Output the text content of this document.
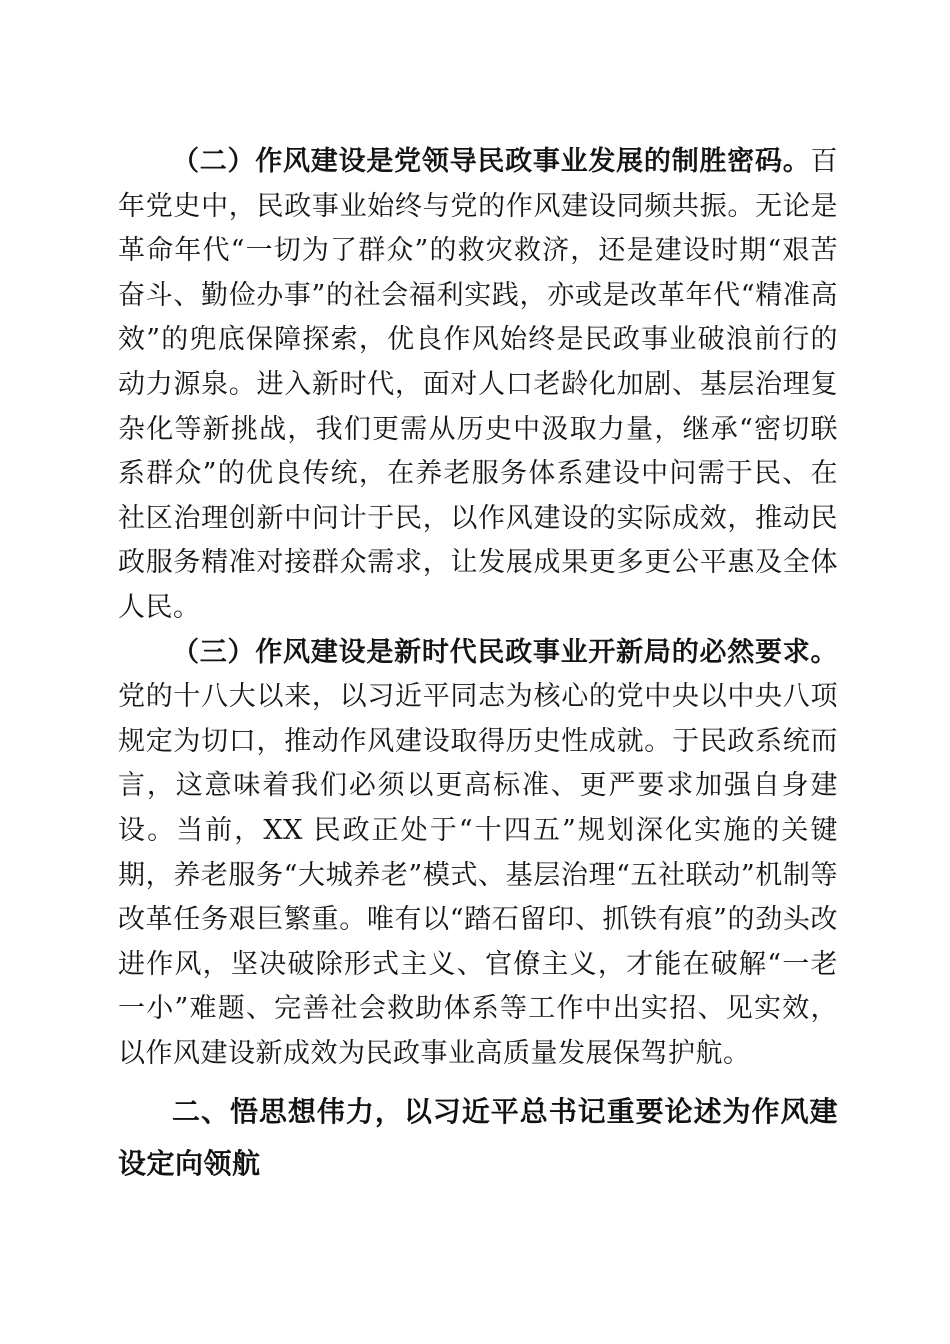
（二）作风建设是党领导民政事业发展的制胜密码。百年党史中，民政事业始终与党的作风建设同频共振。无论是革命年代“一切为了群众”的救灾救济，还是建设时期“艰苦奋斗、勤俭办事”的社会福利实践，亦或是改革年代“精准高效”的兜底保障探索，优良作风始终是民政事业破浪前行的动力源泉。进入新时代，面对人口老龄化加剧、基层治理复杂化等新挑战，我们更需从历史中汲取力量，继承“密切联系群众”的优良传统，在养老服务体系建设中问需于民、在社区治理创新中问计于民，以作风建设的实际成效，推动民政服务精准对接群众需求，让发展成果更多更公平惠及全体人民。

（三）作风建设是新时代民政事业开新局的必然要求。党的十八大以来，以习近平同志为核心的党中央以中央八项规定为切口，推动作风建设取得历史性成就。于民政系统而言，这意味着我们必须以更高标准、更严要求加强自身建设。当前，XX 民政正处于“十四五”规划深化实施的关键期，养老服务“大城养老”模式、基层治理“五社联动”机制等改革任务艰巨繁重。唯有以“踏石留印、抓铁有痕”的劲头改进作风，坚决破除形式主义、官僚主义，才能在破解“一老一小”难题、完善社会救助体系等工作中出实招、见实效，以作风建设新成效为民政事业高质量发展保驾护航。

二、悟思想伟力，以习近平总书记重要论述为作风建设定向领航
